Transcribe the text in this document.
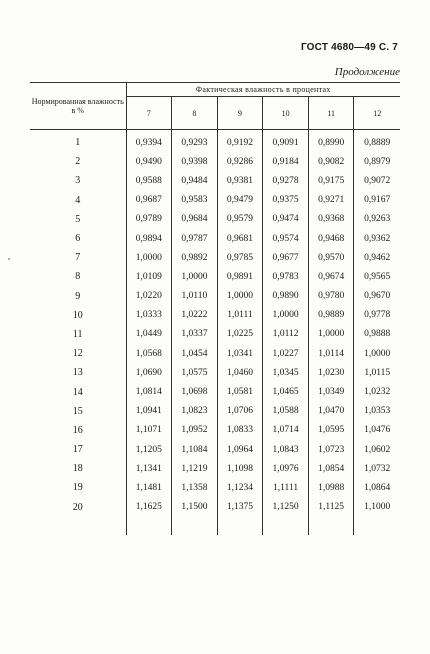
ГОСТ 4680—49 С. 7
Продолжение
Нормированная влажность в %	Фактическая влажность в процентах					
	7	8	9	10	11	12

1	0,9394	0,9293	0,9192	0,9091	0,8990	0,8889
2	0,9490	0,9398	0,9286	0,9184	0,9082	0,8979
3	0,9588	0,9484	0,9381	0,9278	0,9175	0,9072
4	0,9687	0,9583	0,9479	0,9375	0,9271	0,9167
5	0,9789	0,9684	0,9579	0,9474	0,9368	0,9263
6	0,9894	0,9787	0,9681	0,9574	0,9468	0,9362
7	1,0000	0,9892	0,9785	0,9677	0,9570	0,9462
8	1,0109	1,0000	0,9891	0,9783	0,9674	0,9565
9	1,0220	1,0110	1,0000	0,9890	0,9780	0,9670
10	1,0333	1,0222	1,0111	1,0000	0,9889	0,9778
11	1,0449	1,0337	1,0225	1,0112	1,0000	0,9888
12	1,0568	1,0454	1,0341	1,0227	1,0114	1,0000
13	1,0690	1,0575	1,0460	1,0345	1,0230	1,0115
14	1,0814	1,0698	1,0581	1,0465	1,0349	1,0232
15	1,0941	1,0823	1,0706	1,0588	1,0470	1,0353
16	1,1071	1,0952	1,0833	1,0714	1,0595	1,0476
17	1,1205	1,1084	1,0964	1,0843	1,0723	1,0602
18	1,1341	1,1219	1,1098	1,0976	1,0854	1,0732
19	1,1481	1,1358	1,1234	1,1111	1,0988	1,0864
20	1,1625	1,1500	1,1375	1,1250	1,1125	1,1000
